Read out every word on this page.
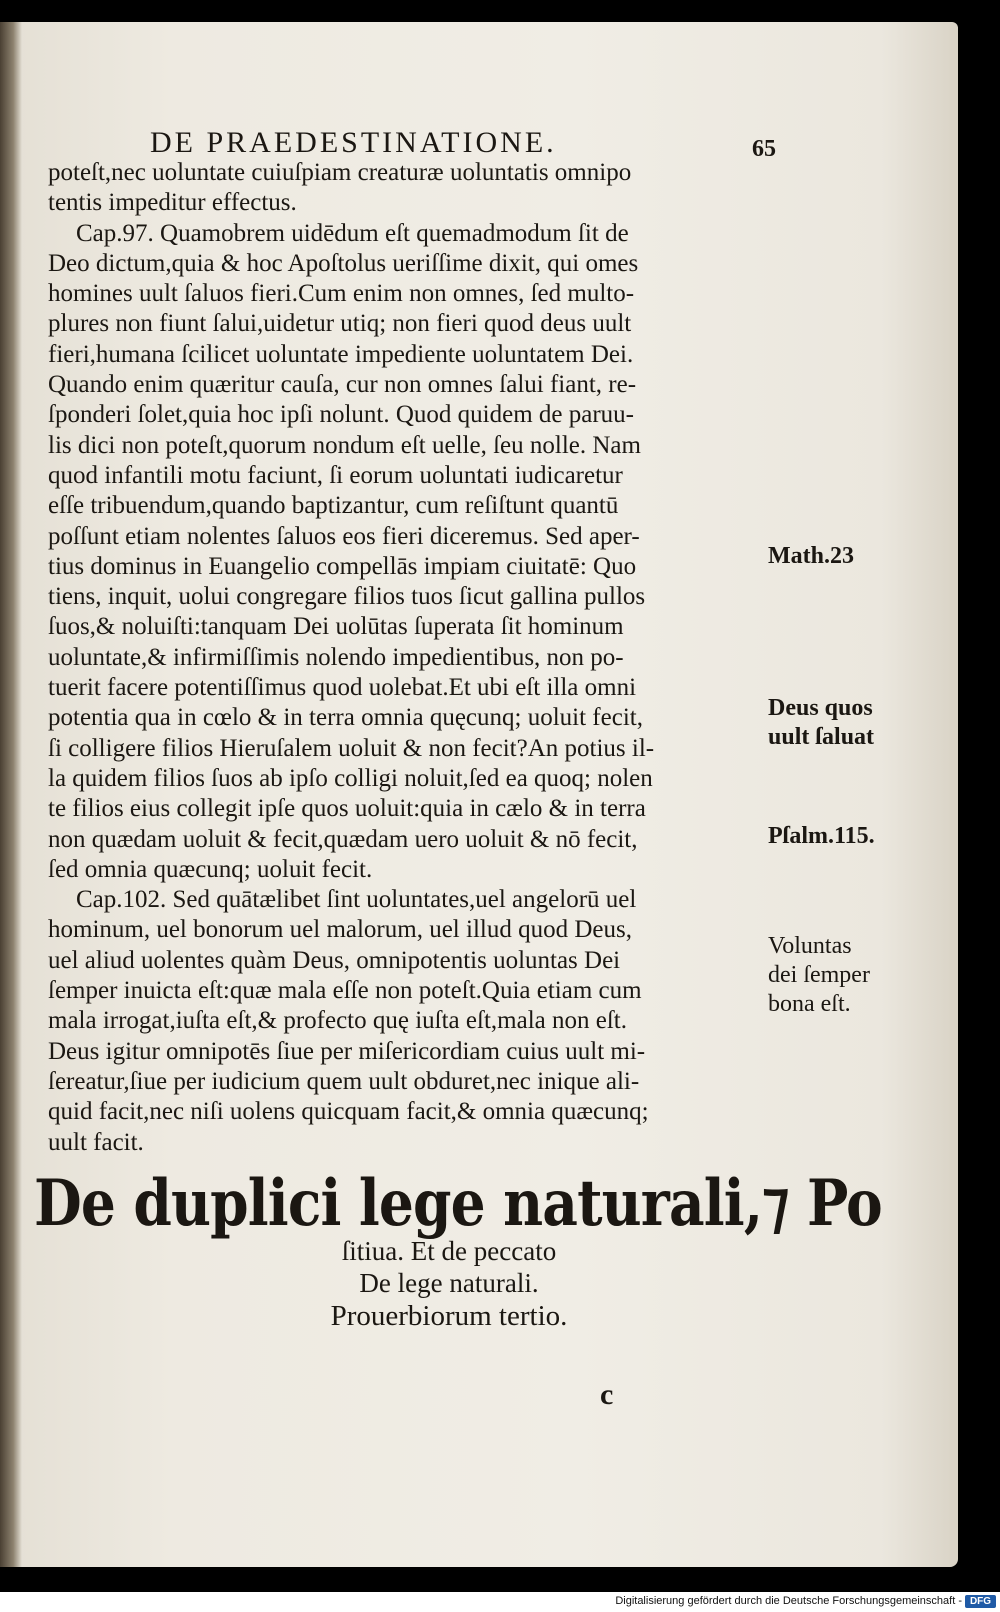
DE PRAEDESTINATIONE.	65
poteſt,nec uoluntate cuiuſpiam creaturæ uoluntatis omnipo
tentis impeditur effectus.
Cap.97. Quamobrem uidēdum eſt quemadmodum ſit de
Deo dictum,quia & hoc Apoſtolus ueriſſime dixit, qui omes
homines uult ſaluos fieri.Cum enim non omnes, ſed multo-
plures non fiunt ſalui,uidetur utiq; non fieri quod deus uult
fieri,humana ſcilicet uoluntate impediente uoluntatem Dei.
Quando enim quæritur cauſa, cur non omnes ſalui fiant, re-
ſponderi ſolet,quia hoc ipſi nolunt. Quod quidem de paruu-
lis dici non poteſt,quorum nondum eſt uelle, ſeu nolle. Nam
quod infantili motu faciunt, ſi eorum uoluntati iudicaretur
eſſe tribuendum,quando baptizantur, cum reſiſtunt quantū
poſſunt etiam nolentes ſaluos eos fieri diceremus. Sed aper-
tius dominus in Euangelio compellās impiam ciuitatē: Quo
tiens, inquit, uolui congregare filios tuos ſicut gallina pullos
ſuos,& noluiſti:tanquam Dei uolūtas ſuperata ſit hominum
uoluntate,& infirmiſſimis nolendo impedientibus, non po-
tuerit facere potentiſſimus quod uolebat.Et ubi eſt illa omni
potentia qua in cœlo & in terra omnia quęcunq; uoluit fecit,
ſi colligere filios Hieruſalem uoluit & non fecit?An potius il-
la quidem filios ſuos ab ipſo colligi noluit,ſed ea quoq; nolen
te filios eius collegit ipſe quos uoluit:quia in cælo & in terra
non quædam uoluit & fecit,quædam uero uoluit & nō fecit,
ſed omnia quæcunq; uoluit fecit.
Cap.102. Sed quātælibet ſint uoluntates,uel angelorū uel
hominum, uel bonorum uel malorum, uel illud quod Deus,
uel aliud uolentes quàm Deus, omnipotentis uoluntas Dei
ſemper inuicta eſt:quæ mala eſſe non poteſt.Quia etiam cum
mala irrogat,iuſta eſt,& profecto quę iuſta eſt,mala non eſt.
Deus igitur omnipotēs ſiue per miſericordiam cuius uult mi-
ſereatur,ſiue per iudicium quem uult obduret,nec inique ali-
quid facit,nec niſi uolens quicquam facit,& omnia quæcunq;
uult facit.
Math.23
Deus quos
uult ſaluat
Pſalm.115.
Voluntas
dei ſemper
bona eſt.
De duplici lege naturali,⁊ Po
ſitiua. Et de peccato
De lege naturali.
Prouerbiorum tertio.
c
Digitalisierung gefördert durch die Deutsche Forschungsgemeinschaft - DFG
